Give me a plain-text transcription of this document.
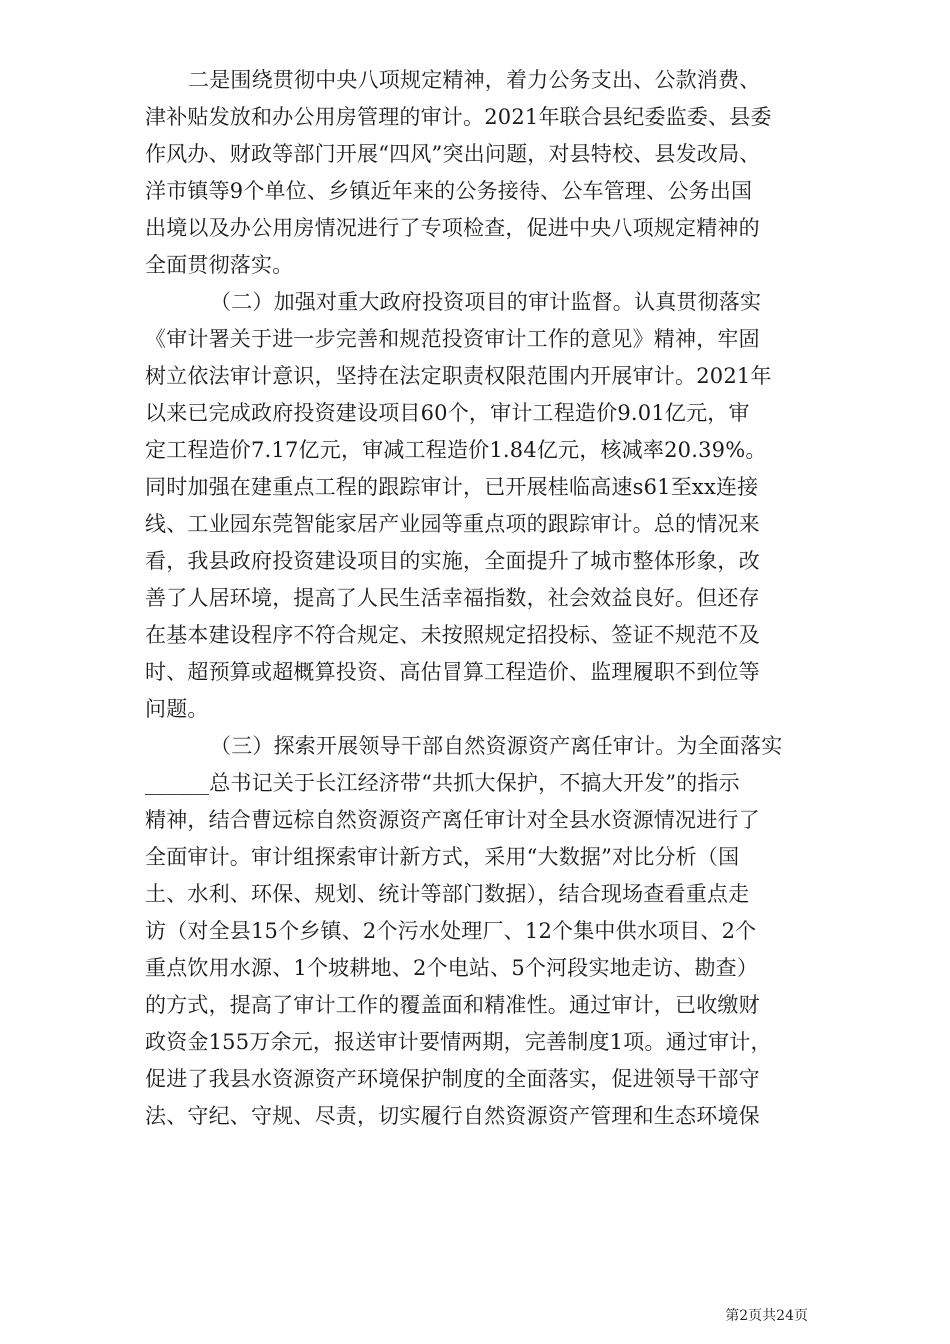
二是围绕贯彻中央八项规定精神，着力公务支出、公款消费、
津补贴发放和办公用房管理的审计。2021年联合县纪委监委、县委
作风办、财政等部门开展“四风”突出问题，对县特校、县发改局、
洋市镇等9个单位、乡镇近年来的公务接待、公车管理、公务出国
出境以及办公用房情况进行了专项检查，促进中央八项规定精神的
全面贯彻落实。
（二）加强对重大政府投资项目的审计监督。认真贯彻落实
《审计署关于进一步完善和规范投资审计工作的意见》精神，牢固
树立依法审计意识，坚持在法定职责权限范围内开展审计。2021年
以来已完成政府投资建设项目60个，审计工程造价9.01亿元，审
定工程造价7.17亿元，审减工程造价1.84亿元，核减率20.39%。
同时加强在建重点工程的跟踪审计，已开展桂临高速s61至xx连接
线、工业园东莞智能家居产业园等重点项的跟踪审计。总的情况来
看，我县政府投资建设项目的实施，全面提升了城市整体形象，改
善了人居环境，提高了人民生活幸福指数，社会效益良好。但还存
在基本建设程序不符合规定、未按照规定招投标、签证不规范不及
时、超预算或超概算投资、高估冒算工程造价、监理履职不到位等
问题。
（三）探索开展领导干部自然资源资产离任审计。为全面落实
______总书记关于长江经济带“共抓大保护，不搞大开发”的指示
精神，结合曹远棕自然资源资产离任审计对全县水资源情况进行了
全面审计。审计组探索审计新方式，采用“大数据”对比分析（国
土、水利、环保、规划、统计等部门数据），结合现场查看重点走
访（对全县15个乡镇、2个污水处理厂、12个集中供水项目、2个
重点饮用水源、1个坡耕地、2个电站、5个河段实地走访、勘查）
的方式，提高了审计工作的覆盖面和精准性。通过审计，已收缴财
政资金155万余元，报送审计要情两期，完善制度1项。通过审计，
促进了我县水资源资产环境保护制度的全面落实，促进领导干部守
法、守纪、守规、尽责，切实履行自然资源资产管理和生态环境保
第2页共24页
